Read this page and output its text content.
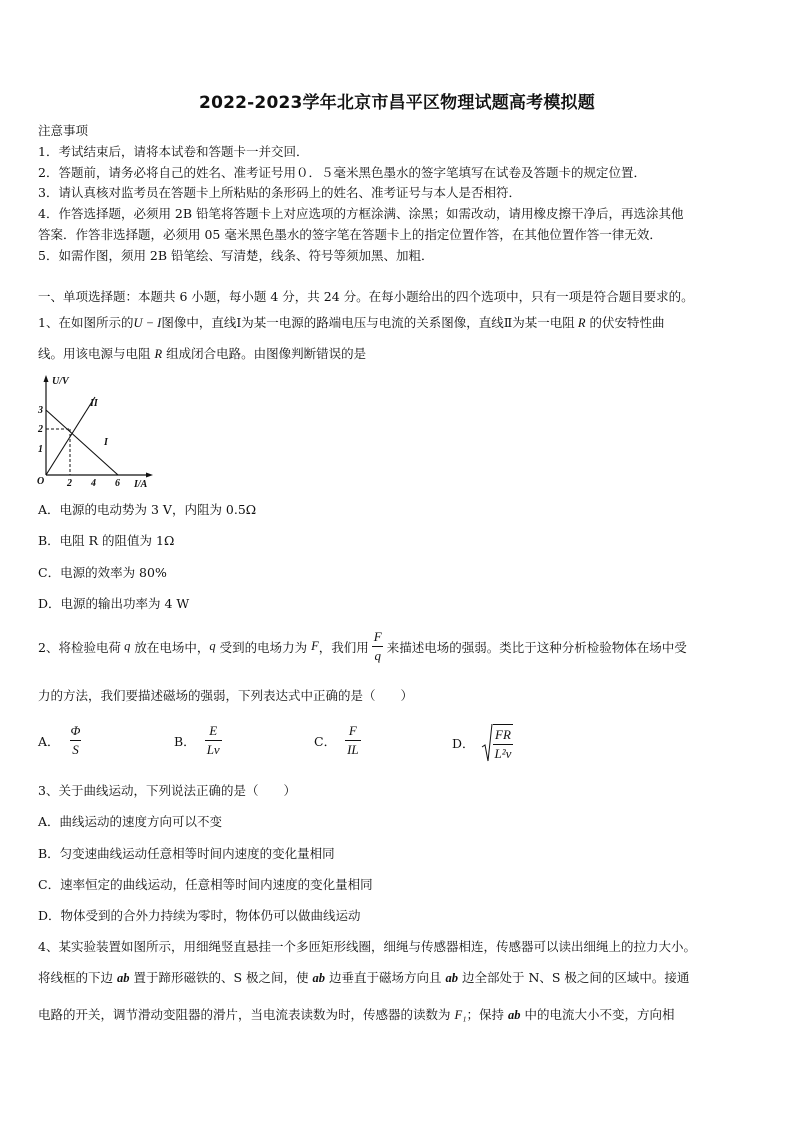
2022-2023学年北京市昌平区物理试题高考模拟题
注意事项
1．考试结束后，请将本试卷和答题卡一并交回．
2．答题前，请务必将自己的姓名、准考证号用０．５毫米黑色墨水的签字笔填写在试卷及答题卡的规定位置．
3．请认真核对监考员在答题卡上所粘贴的条形码上的姓名、准考证号与本人是否相符．
4．作答选择题，必须用 2B 铅笔将答题卡上对应选项的方框涂满、涂黑；如需改动，请用橡皮擦干净后，再选涂其他
答案．作答非选择题，必须用 05 毫米黑色墨水的签字笔在答题卡上的指定位置作答，在其他位置作答一律无效．
5．如需作图，须用 2B 铅笔绘、写清楚，线条、符号等须加黑、加粗．
一、单项选择题：本题共 6 小题，每小题 4 分，共 24 分。在每小题给出的四个选项中，只有一项是符合题目要求的。
1、在如图所示的U − I图像中，直线Ⅰ为某一电源的路端电压与电流的关系图像，直线Ⅱ为某一电阻 R 的伏安特性曲
线。用该电源与电阻 R 组成闭合电路。由图像判断错误的是
U/V
I/A
O
3
2
1
2 4 6
I
II
A．电源的电动势为 3 V，内阻为 0.5Ω
B．电阻 R 的阻值为 1Ω
C．电源的效率为 80%
D．电源的输出功率为 4 W
2、将检验电荷
q
放在电场中， q
受到的电场力为
F ，我们用 $\frac{F}{q}$ 来描述电场的强弱。类比于这种分析检验物体在场中受
力的方法，我们要描述磁场的强弱，下列表达式中正确的是（　　）
A． $\frac{\Phi}{S}$	B． $\frac{E}{Lv}$	C． $\frac{F}{IL}$	D． $\frac{FR}{\text{L²v}}$
3、关于曲线运动，下列说法正确的是（　　）
A．曲线运动的速度方向可以不变
B．匀变速曲线运动任意相等时间内速度的变化量相同
C．速率恒定的曲线运动，任意相等时间内速度的变化量相同
D．物体受到的合外力持续为零时，物体仍可以做曲线运动
4、某实验装置如图所示，用细绳竖直悬挂一个多匝矩形线圈，细绳与传感器相连，传感器可以读出细绳上的拉力大小。
将线框的下边 ab 置于蹄形磁铁的、S 极之间，使 ab 边垂直于磁场方向且 ab 边全部处于 N、S 极之间的区域中。接通
电路的开关，调节滑动变阻器的滑片，当电流表读数为时，传感器的读数为 F₁；保持 ab 中的电流大小不变，方向相
